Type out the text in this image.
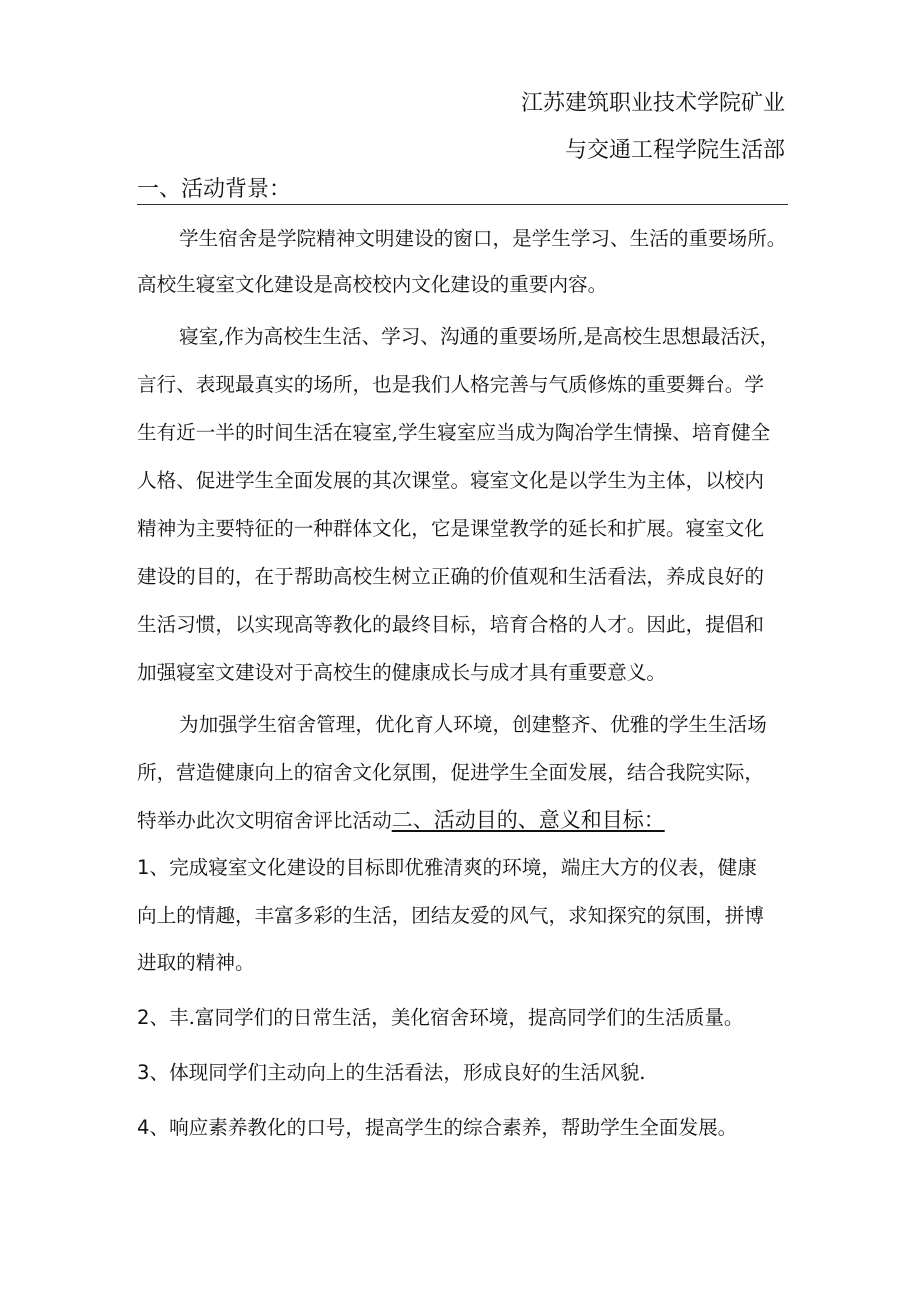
江苏建筑职业技术学院矿业

与交通工程学院生活部

一、活动背景：

学生宿舍是学院精神文明建设的窗口，是学生学习、生活的重要场所。

高校生寝室文化建设是高校校内文化建设的重要内容。

寝室,作为高校生生活、学习、沟通的重要场所,是高校生思想最活沃，

言行、表现最真实的场所，也是我们人格完善与气质修炼的重要舞台。学

生有近一半的时间生活在寝室,学生寝室应当成为陶冶学生情操、培育健全

人格、促进学生全面发展的其次课堂。寝室文化是以学生为主体，以校内

精神为主要特征的一种群体文化，它是课堂教学的延长和扩展。寝室文化

建设的目的，在于帮助高校生树立正确的价值观和生活看法，养成良好的

生活习惯，以实现高等教化的最终目标，培育合格的人才。因此，提倡和

加强寝室文建设对于高校生的健康成长与成才具有重要意义。

为加强学生宿舍管理，优化育人环境，创建整齐、优雅的学生生活场

所，营造健康向上的宿舍文化氛围，促进学生全面发展，结合我院实际，

特举办此次文明宿舍评比活动二、活动目的、意义和目标：

1、完成寝室文化建设的目标即优雅清爽的环境，端庄大方的仪表，健康

向上的情趣，丰富多彩的生活，团结友爱的风气，求知探究的氛围，拼博

进取的精神。

2、丰.富同学们的日常生活，美化宿舍环境，提高同学们的生活质量。

3、体现同学们主动向上的生活看法，形成良好的生活风貌.

4、响应素养教化的口号，提高学生的综合素养，帮助学生全面发展。
